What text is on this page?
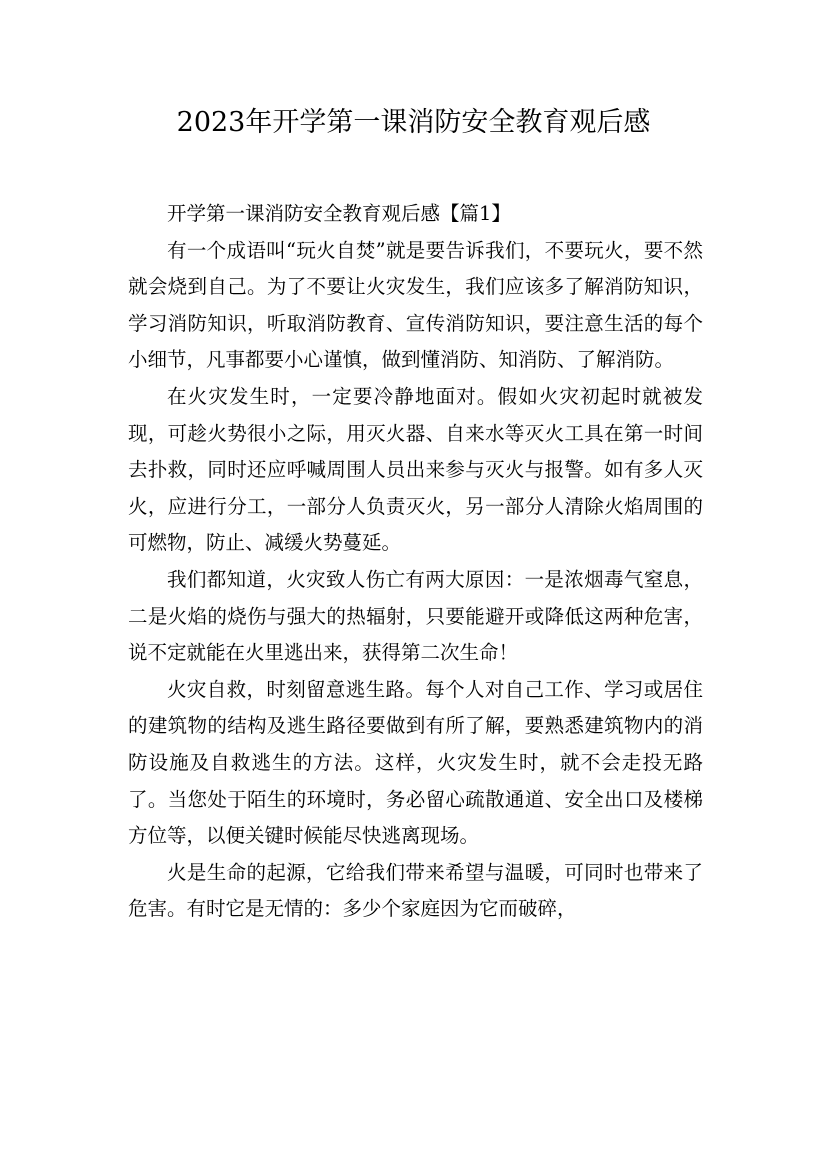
2023年开学第一课消防安全教育观后感

开学第一课消防安全教育观后感【篇1】

有一个成语叫“玩火自焚”就是要告诉我们，不要玩火，要不然就会烧到自己。为了不要让火灾发生，我们应该多了解消防知识，学习消防知识，听取消防教育、宣传消防知识，要注意生活的每个小细节，凡事都要小心谨慎，做到懂消防、知消防、了解消防。

在火灾发生时，一定要冷静地面对。假如火灾初起时就被发现，可趁火势很小之际，用灭火器、自来水等灭火工具在第一时间去扑救，同时还应呼喊周围人员出来参与灭火与报警。如有多人灭火，应进行分工，一部分人负责灭火，另一部分人清除火焰周围的可燃物，防止、减缓火势蔓延。

我们都知道，火灾致人伤亡有两大原因：一是浓烟毒气窒息，二是火焰的烧伤与强大的热辐射，只要能避开或降低这两种危害，说不定就能在火里逃出来，获得第二次生命！

火灾自救，时刻留意逃生路。每个人对自己工作、学习或居住的建筑物的结构及逃生路径要做到有所了解，要熟悉建筑物内的消防设施及自救逃生的方法。这样，火灾发生时，就不会走投无路了。当您处于陌生的环境时，务必留心疏散通道、安全出口及楼梯方位等，以便关键时候能尽快逃离现场。

火是生命的起源，它给我们带来希望与温暖，可同时也带来了危害。有时它是无情的：多少个家庭因为它而破碎，
